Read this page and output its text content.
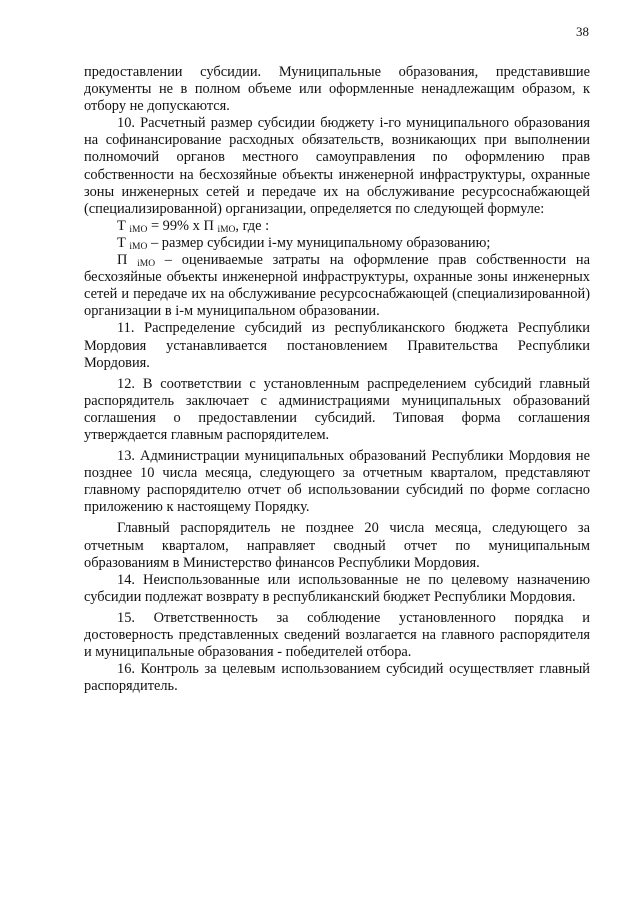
38

предоставлении субсидии. Муниципальные образования, представившие документы не в полном объеме или оформленные ненадлежащим образом, к отбору не допускаются.

10. Расчетный размер субсидии бюджету i-го муниципального образования на софинансирование расходных обязательств, возникающих при выполнении полномочий органов местного самоуправления по оформлению прав собственности на бесхозяйные объекты инженерной инфраструктуры, охранные зоны инженерных сетей и передаче их на обслуживание ресурсоснабжающей (специализированной) организации, определяется по следующей формуле:

Т $_{iМО}$ = 99% х П $_{iМО}$, где :

Т $_{iМО}$ – размер субсидии i-му муниципальному образованию;

П $_{iМО}$ – оцениваемые затраты на оформление прав собственности на бесхозяйные объекты инженерной инфраструктуры, охранные зоны инженерных сетей и передаче их на обслуживание ресурсоснабжающей (специализированной) организации в i-м муниципальном образовании.

11. Распределение субсидий из республиканского бюджета Республики Мордовия устанавливается постановлением Правительства Республики Мордовия.

12. В соответствии с установленным распределением субсидий главный распорядитель заключает с администрациями муниципальных образований соглашения о предоставлении субсидий. Типовая форма соглашения утверждается главным распорядителем.

13. Администрации муниципальных образований Республики Мордовия не позднее 10 числа месяца, следующего за отчетным кварталом, представляют главному распорядителю отчет об использовании субсидий по форме согласно приложению к настоящему Порядку.

Главный распорядитель не позднее 20 числа месяца, следующего за отчетным кварталом, направляет сводный отчет по муниципальным образованиям в Министерство финансов Республики Мордовия.

14. Неиспользованные или использованные не по целевому назначению субсидии подлежат возврату в республиканский бюджет Республики Мордовия.

15. Ответственность за соблюдение установленного порядка и достоверность представленных сведений возлагается на главного распорядителя и муниципальные образования - победителей отбора.

16. Контроль за целевым использованием субсидий осуществляет главный распорядитель.
